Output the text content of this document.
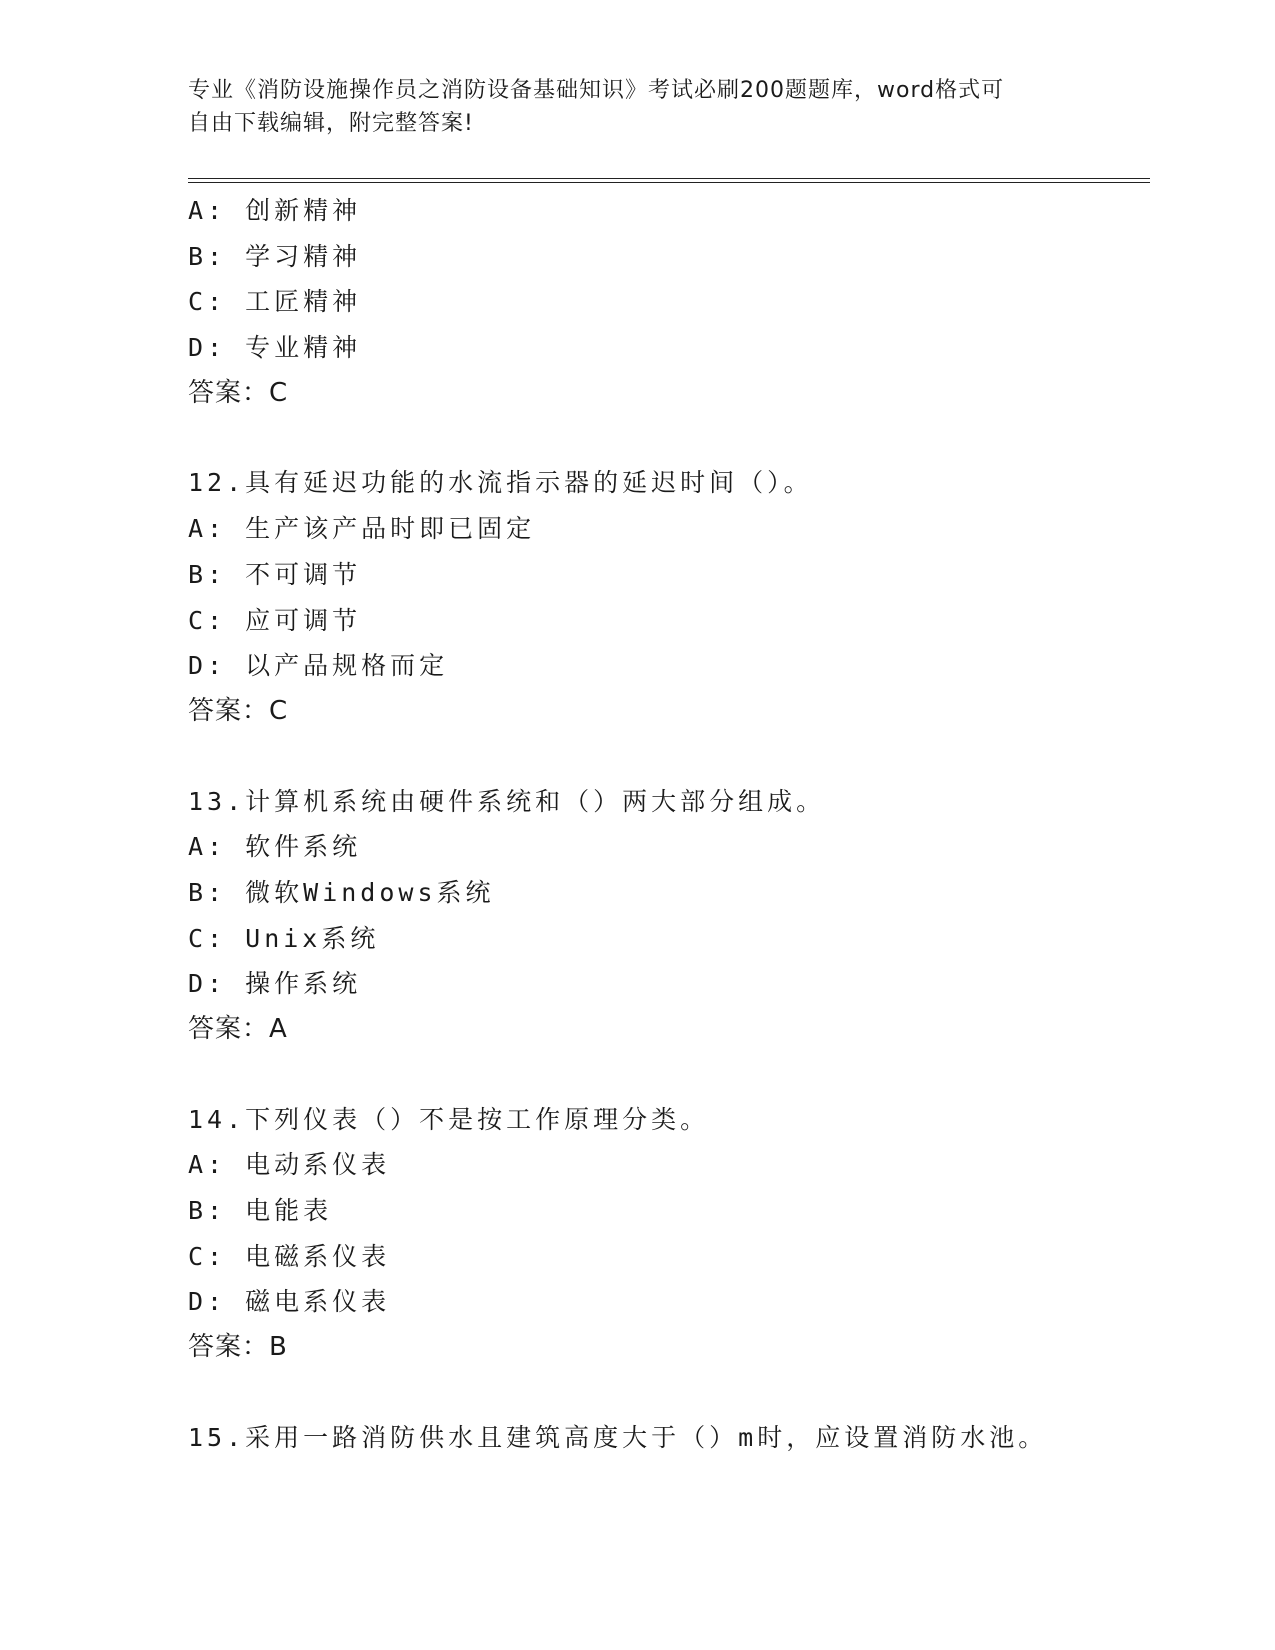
专业《消防设施操作员之消防设备基础知识》考试必刷200题题库，word格式可
自由下载编辑，附完整答案!
A: 创新精神
B: 学习精神
C: 工匠精神
D: 专业精神
答案：C
12.具有延迟功能的水流指示器的延迟时间（）。
A: 生产该产品时即已固定
B: 不可调节
C: 应可调节
D: 以产品规格而定
答案：C
13.计算机系统由硬件系统和（）两大部分组成。
A: 软件系统
B: 微软Windows系统
C: Unix系统
D: 操作系统
答案：A
14.下列仪表（）不是按工作原理分类。
A: 电动系仪表
B: 电能表
C: 电磁系仪表
D: 磁电系仪表
答案：B
15.采用一路消防供水且建筑高度大于（）m时，应设置消防水池。
